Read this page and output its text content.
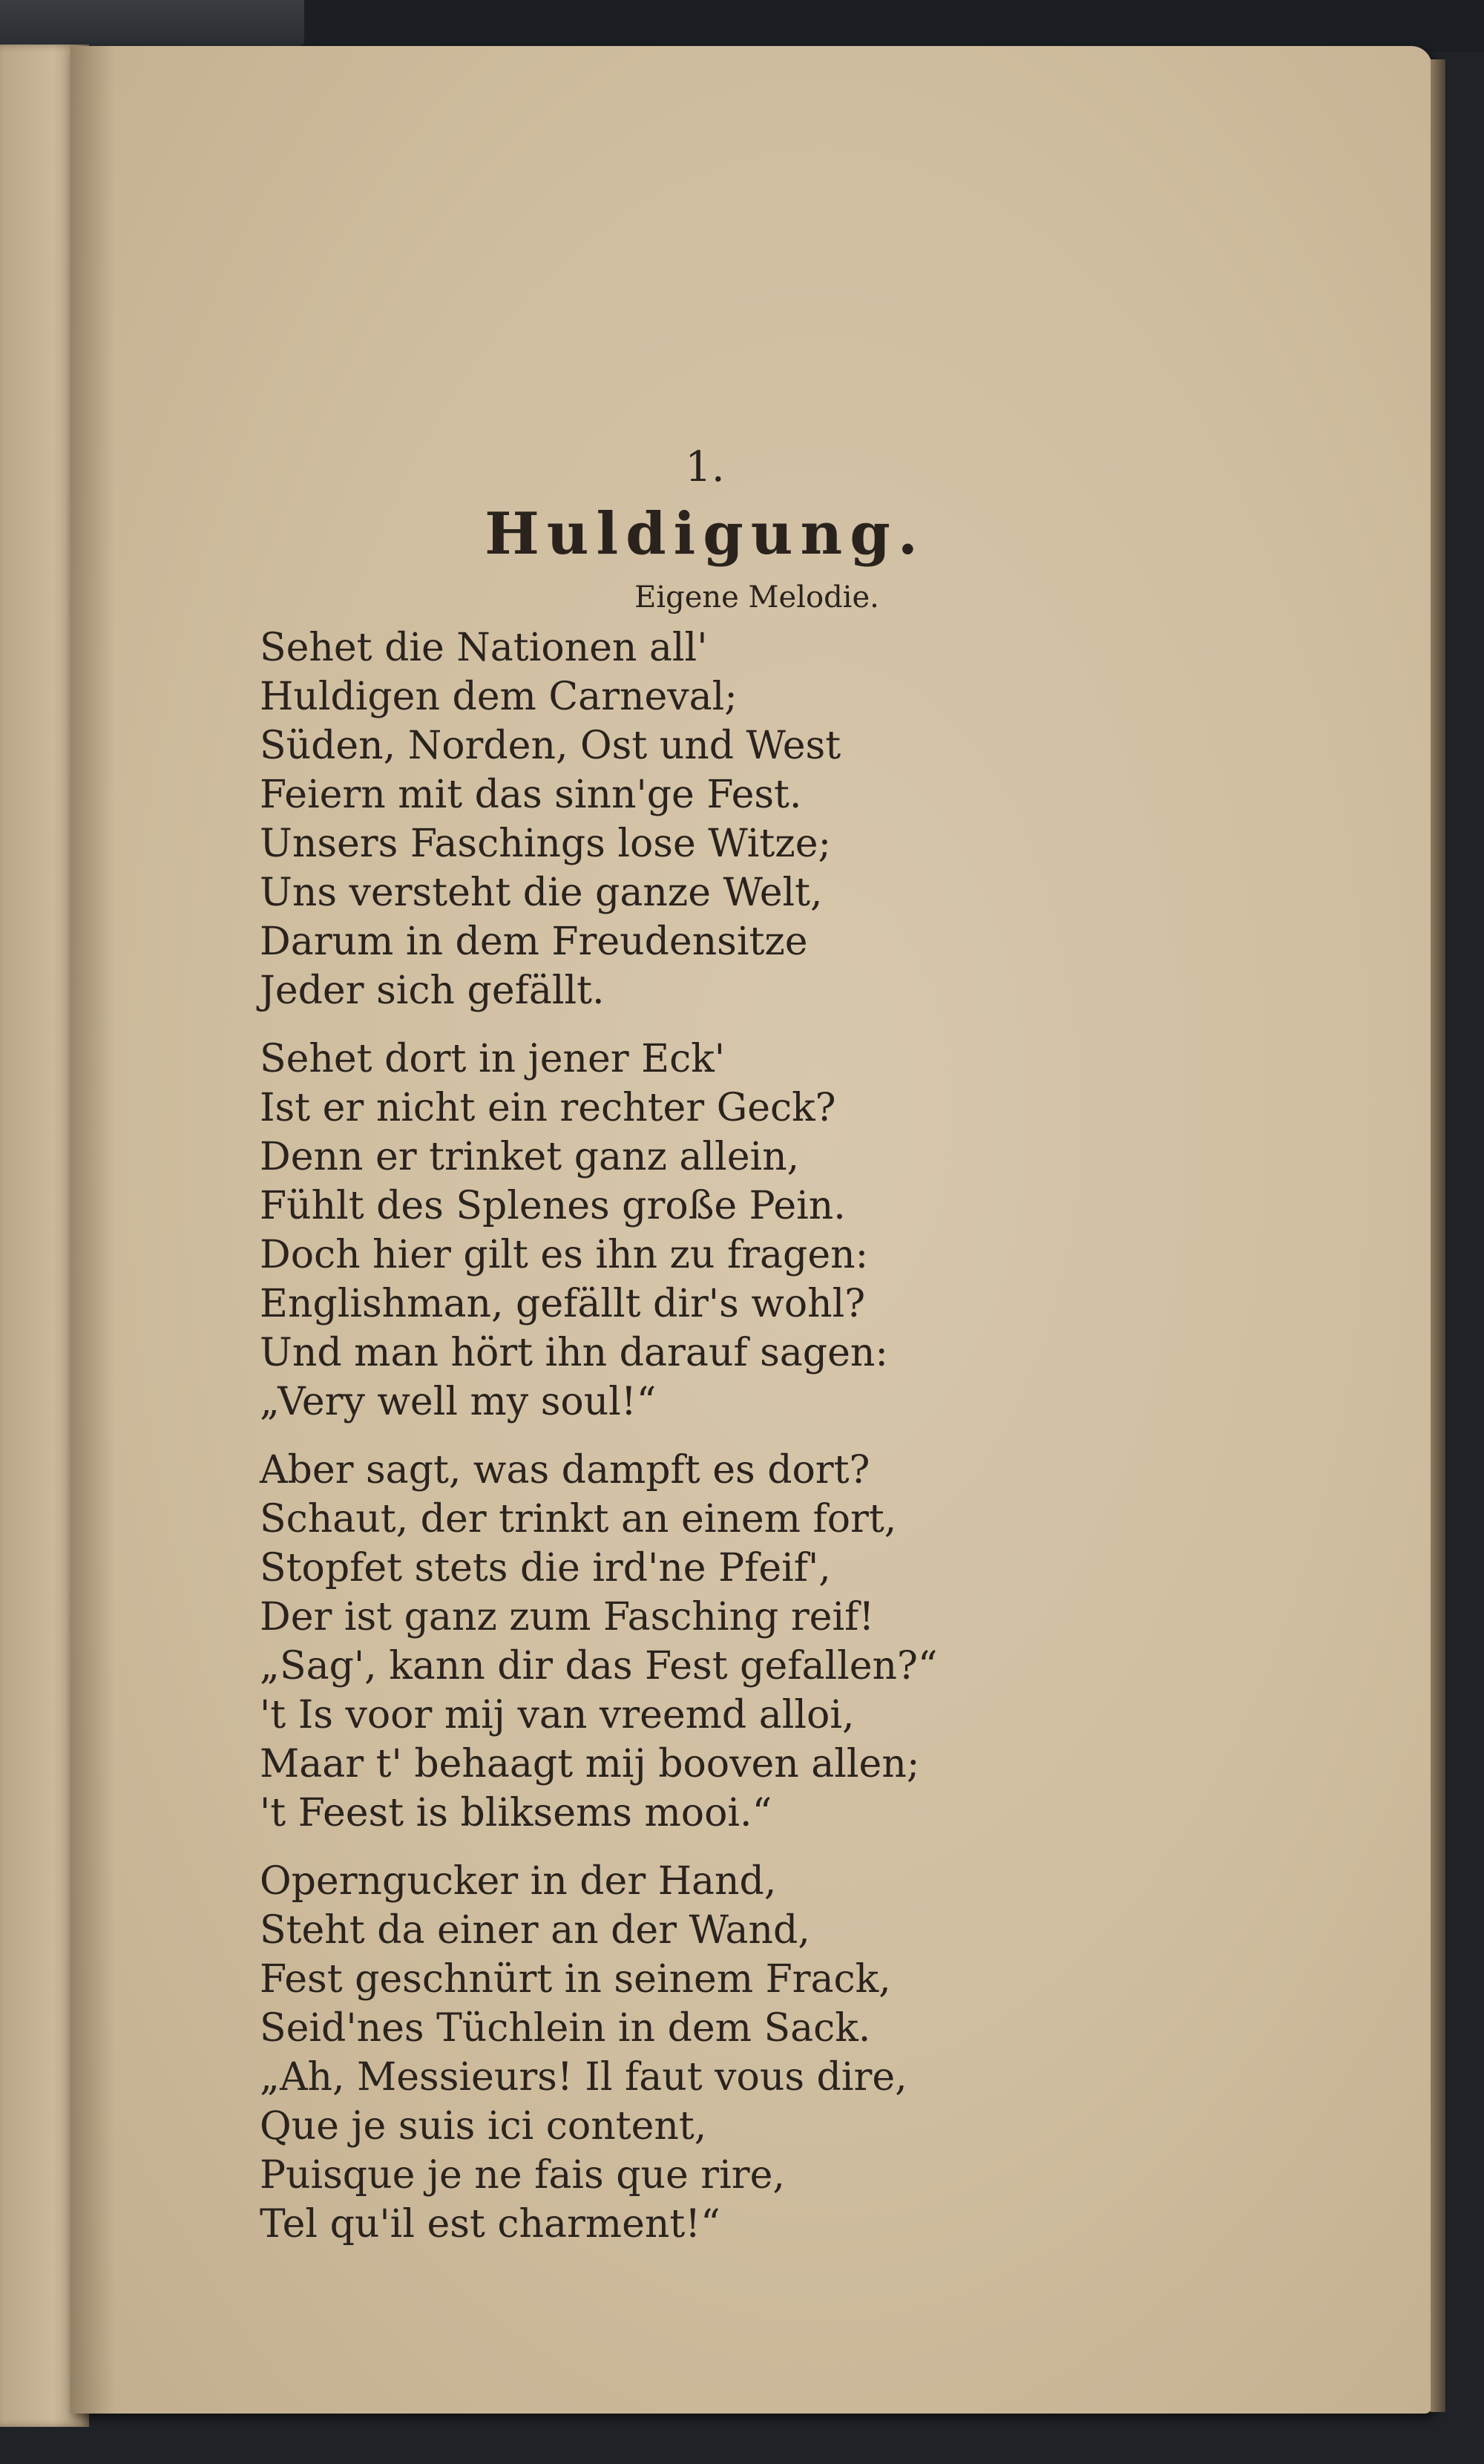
1.
Huldigung.
Eigene Melodie.
Sehet die Nationen all'
Huldigen dem Carneval;
Süden, Norden, Ost und West
Feiern mit das sinn'ge Fest.
Unsers Faschings lose Witze;
Uns versteht die ganze Welt,
Darum in dem Freudensitze
Jeder sich gefällt.
Sehet dort in jener Eck'
Ist er nicht ein rechter Geck?
Denn er trinket ganz allein,
Fühlt des Splenes große Pein.
Doch hier gilt es ihn zu fragen:
Englishman, gefällt dir's wohl?
Und man hört ihn darauf sagen:
„Very well my soul!“
Aber sagt, was dampft es dort?
Schaut, der trinkt an einem fort,
Stopfet stets die ird'ne Pfeif',
Der ist ganz zum Fasching reif!
„Sag', kann dir das Fest gefallen?“
't Is voor mij van vreemd alloi,
Maar t' behaagt mij booven allen;
't Feest is bliksems mooi.“
Operngucker in der Hand,
Steht da einer an der Wand,
Fest geschnürt in seinem Frack,
Seid'nes Tüchlein in dem Sack.
„Ah, Messieurs! Il faut vous dire,
Que je suis ici content,
Puisque je ne fais que rire,
Tel qu'il est charment!“
